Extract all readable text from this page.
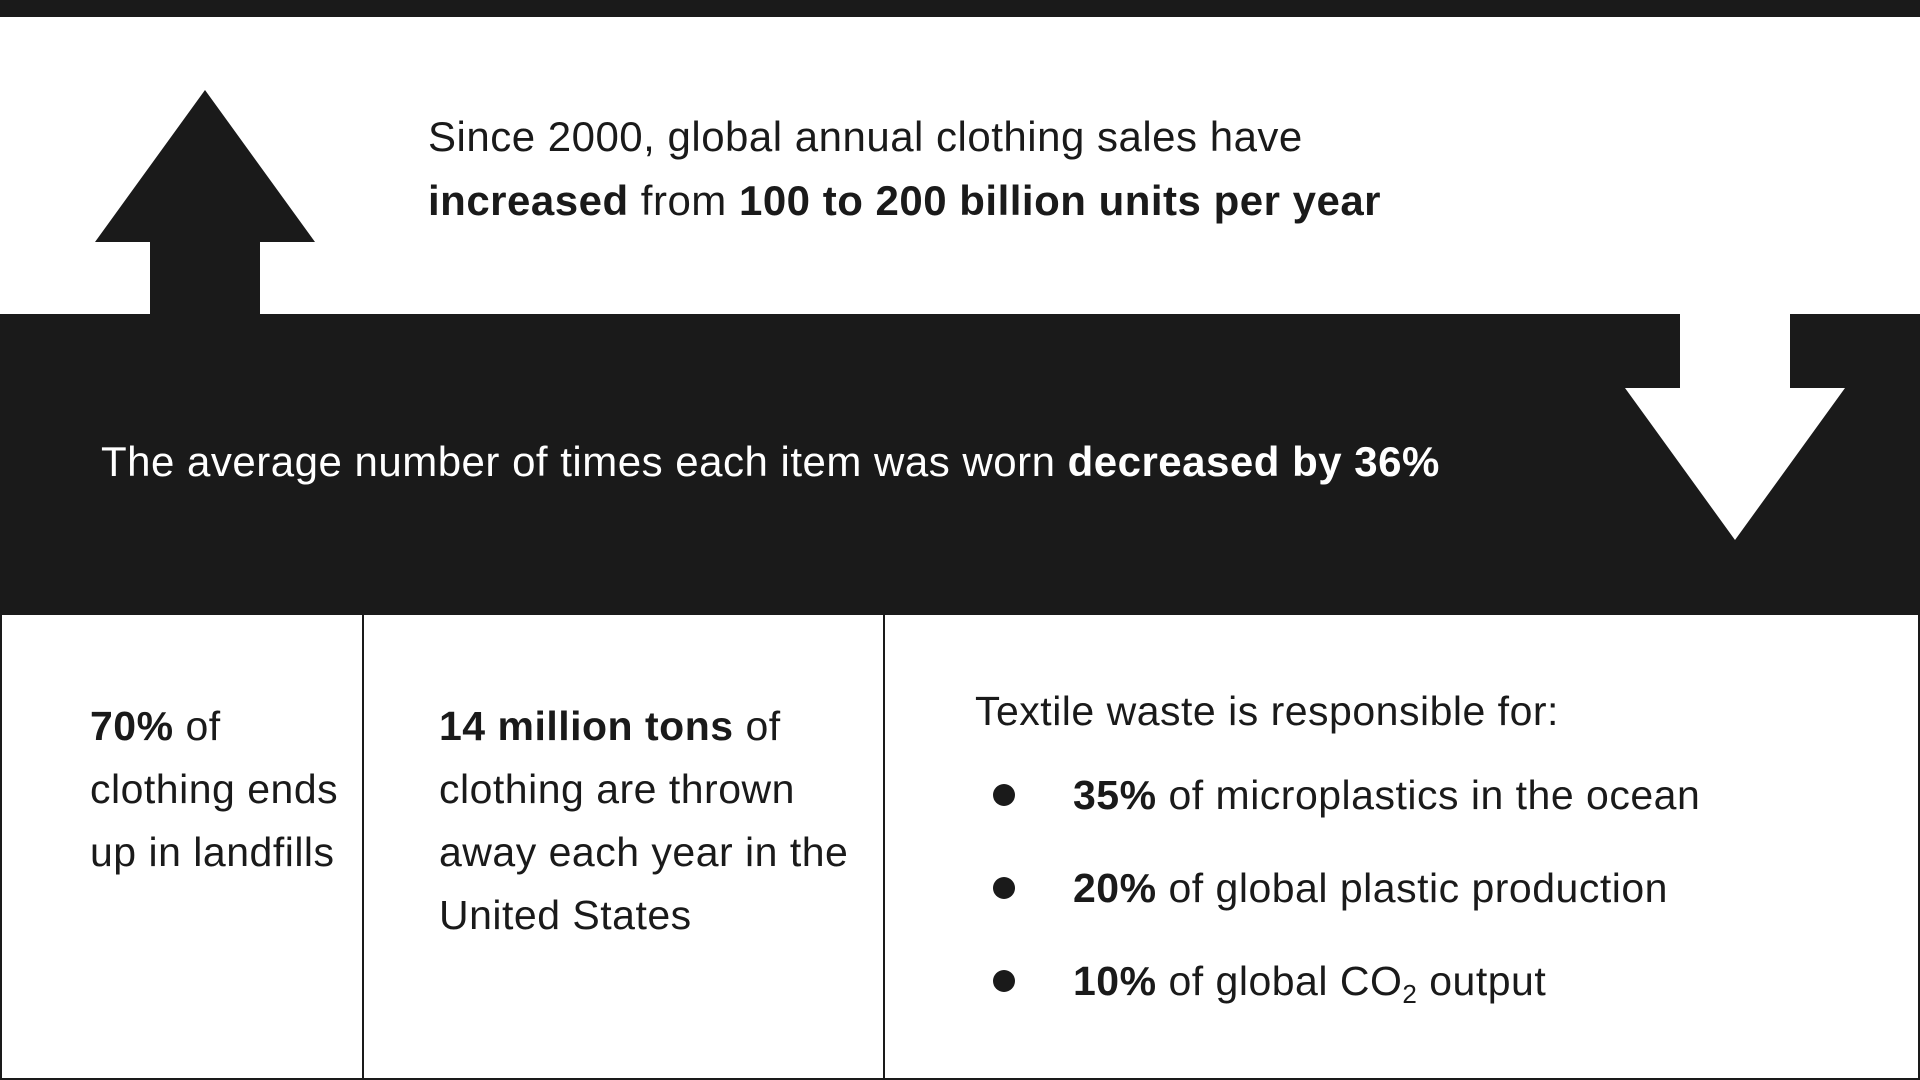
Since 2000, global annual clothing sales have
increased from 100 to 200 billion units per year
The average number of times each item was worn decreased by 36%
70% of clothing ends up in landfills
14 million tons of clothing are thrown away each year in the United States
Textile waste is responsible for:
35% of microplastics in the ocean
20% of global plastic production
10% of global $CO_2$ output
